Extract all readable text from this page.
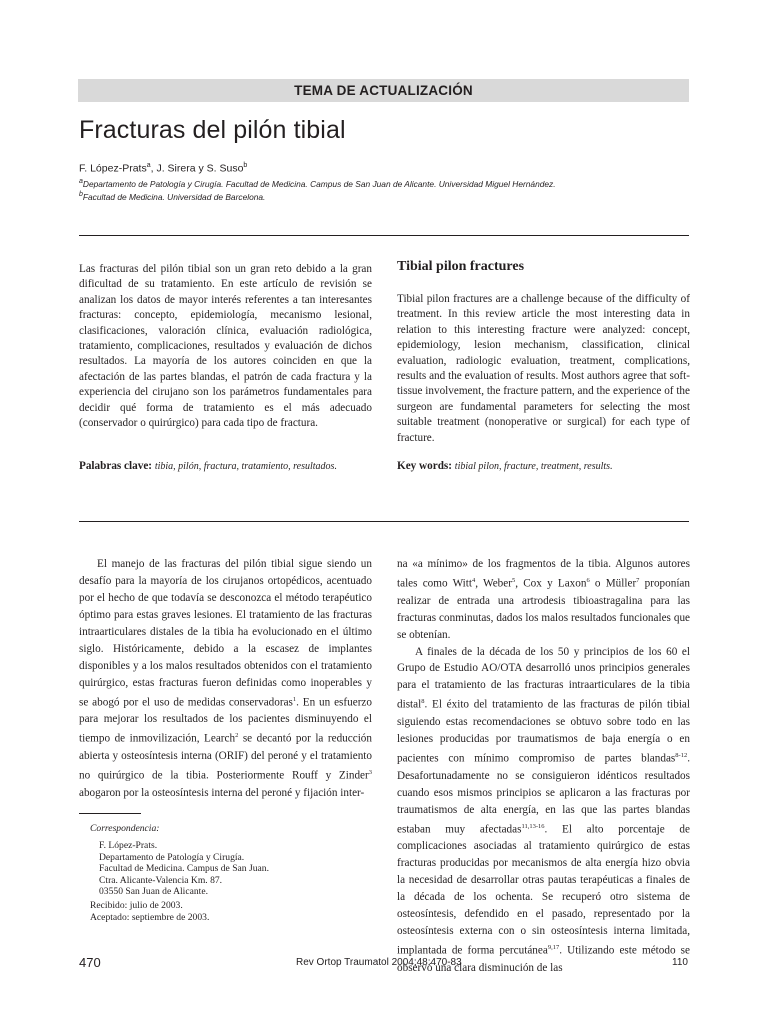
TEMA DE ACTUALIZACIÓN
Fracturas del pilón tibial
F. López-Prats$^a$, J. Sirera y S. Suso$^b$
$^a$Departamento de Patología y Cirugía. Facultad de Medicina. Campus de San Juan de Alicante. Universidad Miguel Hernández.
$^b$Facultad de Medicina. Universidad de Barcelona.

Las fracturas del pilón tibial son un gran reto debido a la gran dificultad de su tratamiento. En este artículo de revisión se analizan los datos de mayor interés referentes a tan interesantes fracturas: concepto, epidemiología, mecanismo lesional, clasificaciones, valoración clínica, evaluación radiológica, tratamiento, complicaciones, resultados y evaluación de dichos resultados. La mayoría de los autores coinciden en que la afectación de las partes blandas, el patrón de cada fractura y la experiencia del cirujano son los parámetros fundamentales para decidir qué forma de tratamiento es el más adecuado (conservador o quirúrgico) para cada tipo de fractura.

Palabras clave: tibia, pilón, fractura, tratamiento, resultados.

Tibial pilon fractures

Tibial pilon fractures are a challenge because of the difficulty of treatment. In this review article the most interesting data in relation to this interesting fracture were analyzed: concept, epidemiology, lesion mechanism, classification, clinical evaluation, radiologic evaluation, treatment, complications, results and the evaluation of results. Most authors agree that soft-tissue involvement, the fracture pattern, and the experience of the surgeon are fundamental parameters for selecting the most suitable treatment (nonoperative or surgical) for each type of fracture.

Key words: tibial pilon, fracture, treatment, results.

El manejo de las fracturas del pilón tibial sigue siendo un desafío para la mayoría de los cirujanos ortopédicos, acentuado por el hecho de que todavía se desconozca el método terapéutico óptimo para estas graves lesiones. El tratamiento de las fracturas intraarticulares distales de la tibia ha evolucionado en el último siglo. Históricamente, debido a la escasez de implantes disponibles y a los malos resultados obtenidos con el tratamiento quirúrgico, estas fracturas fueron definidas como inoperables y se abogó por el uso de medidas conservadoras$^1$. En un esfuerzo para mejorar los resultados de los pacientes disminuyendo el tiempo de inmovilización, Learch$^2$ se decantó por la reducción abierta y osteosíntesis interna (ORIF) del peroné y el tratamiento no quirúrgico de la tibia. Posteriormente Rouff y Zinder$^3$ abogaron por la osteosíntesis interna del peroné y fijación inter-

na «a mínimo» de los fragmentos de la tibia. Algunos autores tales como Witt$^4$, Weber$^5$, Cox y Laxon$^6$ o Müller$^7$ proponían realizar de entrada una artrodesis tibioastragalina para las fracturas conminutas, dados los malos resultados funcionales que se obtenían.

A finales de la década de los 50 y principios de los 60 el Grupo de Estudio AO/OTA desarrolló unos principios generales para el tratamiento de las fracturas intraarticulares de la tibia distal$^8$. El éxito del tratamiento de las fracturas de pilón tibial siguiendo estas recomendaciones se obtuvo sobre todo en las lesiones producidas por traumatismos de baja energía o en pacientes con mínimo compromiso de partes blandas$^{8-12}$. Desafortunadamente no se consiguieron idénticos resultados cuando esos mismos principios se aplicaron a las fracturas por traumatismos de alta energía, en las que las partes blandas estaban muy afectadas$^{11,13-16}$. El alto porcentaje de complicaciones asociadas al tratamiento quirúrgico de estas fracturas producidas por mecanismos de alta energía hizo obvia la necesidad de desarrollar otras pautas terapéuticas a finales de la década de los ochenta. Se recuperó otro sistema de osteosíntesis, defendido en el pasado, representado por la osteosíntesis externa con o sin osteosíntesis interna limitada, implantada de forma percutánea$^{9,17}$. Utilizando este método se observó una clara disminución de las

Correspondencia:
F. López-Prats.
Departamento de Patología y Cirugía.
Facultad de Medicina. Campus de San Juan.
Ctra. Alicante-Valencia Km. 87.
03550 San Juan de Alicante.
Recibido: julio de 2003.
Aceptado: septiembre de 2003.
470	Rev Ortop Traumatol 2004;48:470-83	110
